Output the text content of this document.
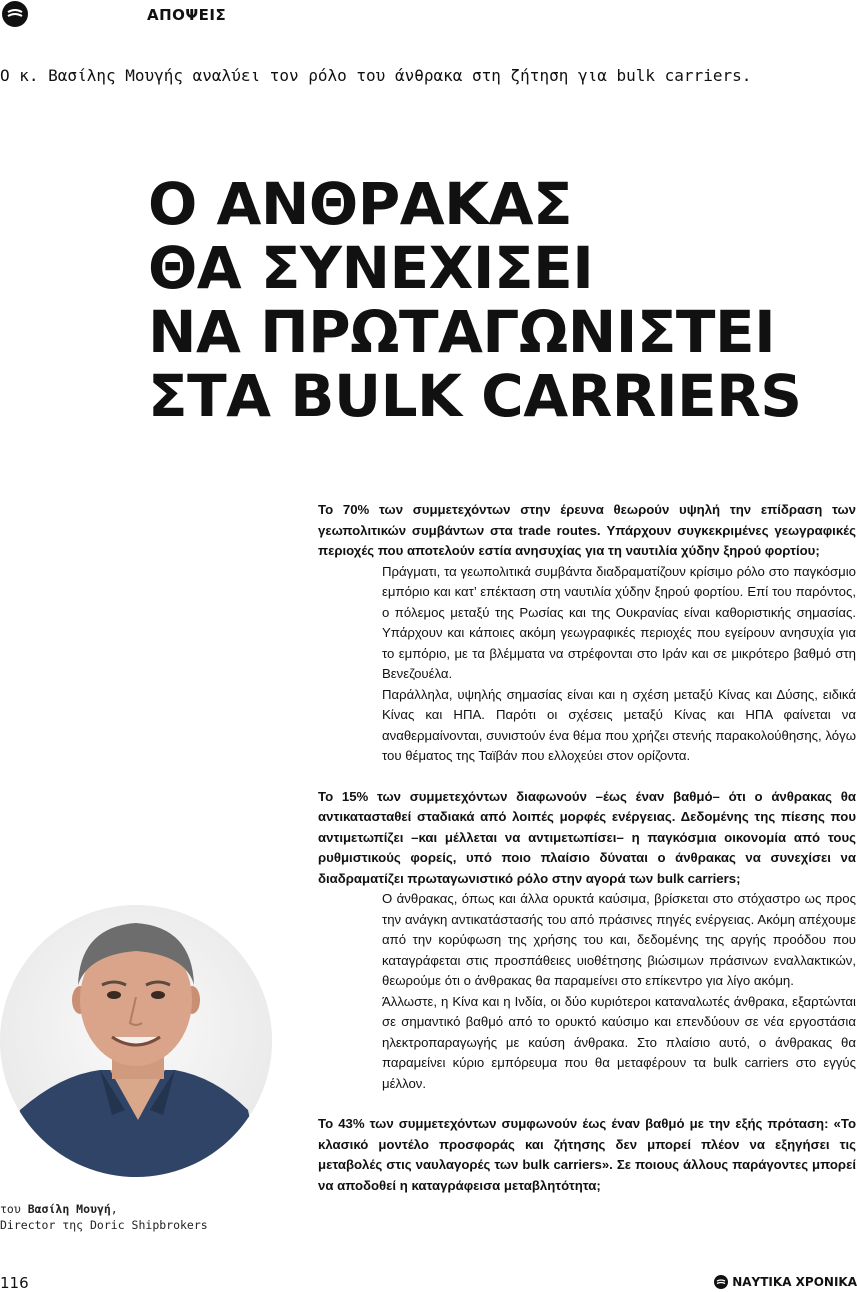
ΑΠΟΨΕΙΣ
Ο κ. Βασίλης Μουγής αναλύει τον ρόλο του άνθρακα στη ζήτηση για bulk carriers.
Ο ΑΝΘΡΑΚΑΣ
ΘΑ ΣΥΝΕΧΙΣΕΙ
ΝΑ ΠΡΩΤΑΓΩΝΙΣΤΕΙ
ΣΤΑ BULK CARRIERS

Το 70% των συμμετεχόντων στην έρευνα θεωρούν υψηλή την επίδραση των γεωπολιτικών συμβάντων στα trade routes. Υπάρχουν συγκεκριμένες γεωγραφικές περιοχές που αποτελούν εστία ανησυχίας για τη ναυτιλία χύδην ξηρού φορτίου;

Πράγματι, τα γεωπολιτικά συμβάντα διαδραματίζουν κρίσιμο ρόλο στο παγκόσμιο εμπόριο και κατ’ επέκταση στη ναυτιλία χύδην ξηρού φορτίου. Επί του παρόντος, ο πόλεμος μεταξύ της Ρωσίας και της Ουκρανίας είναι καθοριστικής σημασίας. Υπάρχουν και κάποιες ακόμη γεωγραφικές περιοχές που εγείρουν ανησυχία για το εμπόριο, με τα βλέμματα να στρέφονται στο Ιράν και σε μικρότερο βαθμό στη Βενεζουέλα.

Παράλληλα, υψηλής σημασίας είναι και η σχέση μεταξύ Κίνας και Δύσης, ειδικά Κίνας και ΗΠΑ. Παρότι οι σχέσεις μεταξύ Κίνας και ΗΠΑ φαίνεται να αναθερμαίνονται, συνιστούν ένα θέμα που χρήζει στενής παρακολούθησης, λόγω του θέματος της Ταϊβάν που ελλοχεύει στον ορίζοντα.

Το 15% των συμμετεχόντων διαφωνούν –έως έναν βαθμό– ότι ο άνθρακας θα αντικατασταθεί σταδιακά από λοιπές μορφές ενέργειας. Δεδομένης της πίεσης που αντιμετωπίζει –και μέλλεται να αντιμετωπίσει– η παγκόσμια οικονομία από τους ρυθμιστικούς φορείς, υπό ποιο πλαίσιο δύναται ο άνθρακας να συνεχίσει να διαδραματίζει πρωταγωνιστικό ρόλο στην αγορά των bulk carriers;

Ο άνθρακας, όπως και άλλα ορυκτά καύσιμα, βρίσκεται στο στόχαστρο ως προς την ανάγκη αντικατάστασής του από πράσινες πηγές ενέργειας. Ακόμη απέχουμε από την κορύφωση της χρήσης του και, δεδομένης της αργής προόδου που καταγράφεται στις προσπάθειες υιοθέτησης βιώσιμων πράσινων εναλλακτικών, θεωρούμε ότι ο άνθρακας θα παραμείνει στο επίκεντρο για λίγο ακόμη.

Άλλωστε, η Κίνα και η Ινδία, οι δύο κυριότεροι καταναλωτές άνθρακα, εξαρτώνται σε σημαντικό βαθμό από το ορυκτό καύσιμο και επενδύουν σε νέα εργοστάσια ηλεκτροπαραγωγής με καύση άνθρακα. Στο πλαίσιο αυτό, ο άνθρακας θα παραμείνει κύριο εμπόρευμα που θα μεταφέρουν τα bulk carriers στο εγγύς μέλλον.

Το 43% των συμμετεχόντων συμφωνούν έως έναν βαθμό με την εξής πρόταση: «Το κλασικό μοντέλο προσφοράς και ζήτησης δεν μπορεί πλέον να εξηγήσει τις μεταβολές στις ναυλαγορές των bulk carriers». Σε ποιους άλλους παράγοντες μπορεί να αποδοθεί η καταγράφεισα μεταβλητότητα;

του Βασίλη Μουγή,
Director της Doric Shipbrokers
116	ΝΑΥΤΙΚΑ ΧΡΟΝΙΚΑ
